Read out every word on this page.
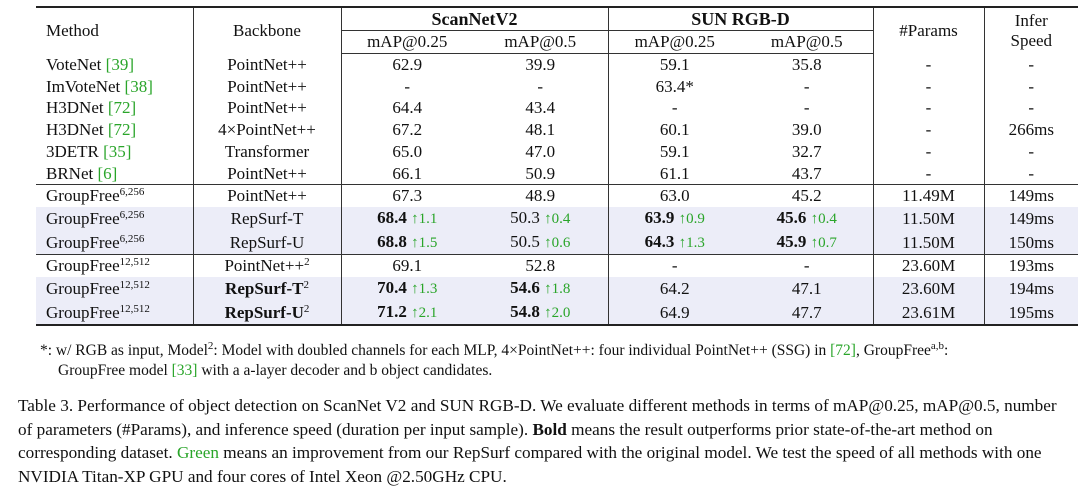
Method	Backbone	ScanNetV2		SUN RGB-D		#Params	Infer
Speed
		mAP@0.25	mAP@0.5	mAP@0.25	mAP@0.5		
VoteNet [39]	PointNet++	62.9	39.9	59.1	35.8	-	-
ImVoteNet [38]	PointNet++	-	-	63.4*	-	-	-
H3DNet [72]	PointNet++	64.4	43.4	-	-	-	-
H3DNet [72]	4×PointNet++	67.2	48.1	60.1	39.0	-	266ms
3DETR [35]	Transformer	65.0	47.0	59.1	32.7	-	-
BRNet [6]	PointNet++	66.1	50.9	61.1	43.7	-	-
GroupFree$^{6,256}$	PointNet++	67.3	48.9	63.0	45.2	11.49M	149ms
GroupFree$^{6,256}$	RepSurf-T	68.4 ↑1.1	50.3 ↑0.4	63.9 ↑0.9	45.6 ↑0.4	11.50M	149ms
GroupFree$^{6,256}$	RepSurf-U	68.8 ↑1.5	50.5 ↑0.6	64.3 ↑1.3	45.9 ↑0.7	11.50M	150ms
GroupFree$^{12,512}$	PointNet++$^2$	69.1	52.8	-	-	23.60M	193ms
GroupFree$^{12,512}$	RepSurf-$T^2$	70.4 ↑1.3	54.6 ↑1.8	64.2	47.1	23.60M	194ms
GroupFree$^{12,512}$	RepSurf-$U^2$	71.2 ↑2.1	54.8 ↑2.0	64.9	47.7	23.61M	195ms
*: w/ RGB as input, Model$^2$: Model with doubled channels for each MLP, 4×PointNet++: four individual PointNet++ (SSG) in [72], GroupFree$^{a,b}$:
GroupFree model [33] with a a-layer decoder and b object candidates.
Table 3. Performance of object detection on ScanNet V2 and SUN RGB-D. We evaluate different methods in terms of mAP@0.25, mAP@0.5, number of parameters (#Params), and inference speed (duration per input sample). Bold means the result outperforms prior state-of-the-art method on corresponding dataset. Green means an improvement from our RepSurf compared with the original model. We test the speed of all methods with one NVIDIA Titan-XP GPU and four cores of Intel Xeon @2.50GHz CPU.
